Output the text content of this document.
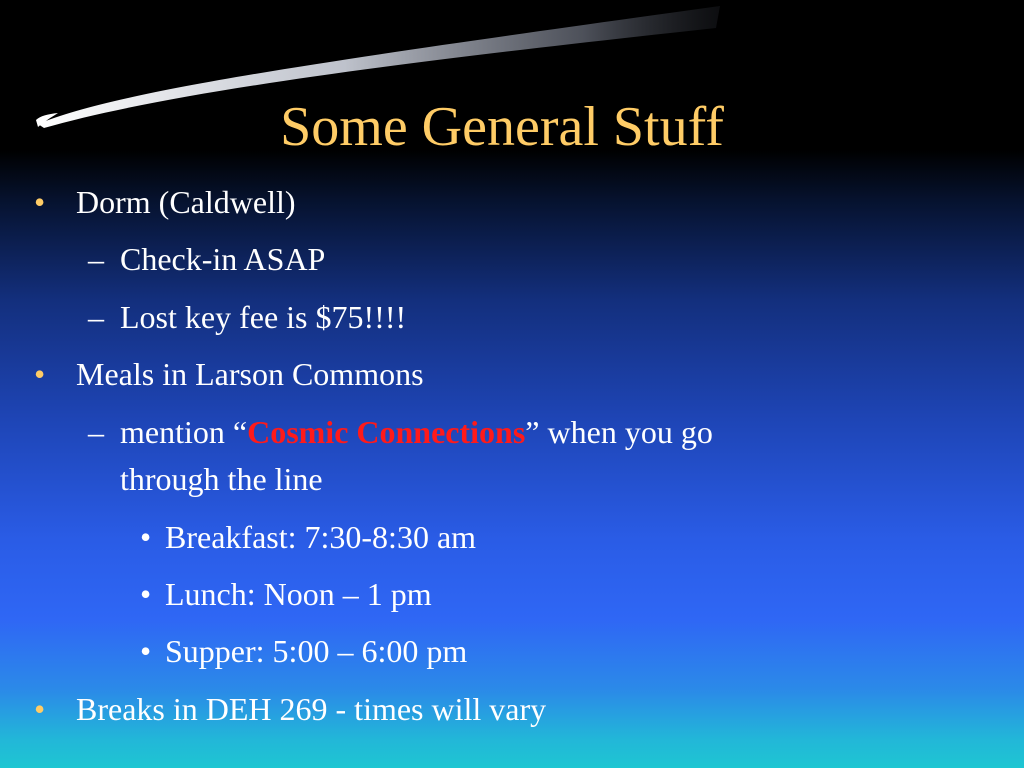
Some General Stuff
• Dorm (Caldwell)
– Check-in ASAP
– Lost key fee is $75!!!!
• Meals in Larson Commons
– mention “Cosmic Connections” when you go
through the line
• Breakfast: 7:30-8:30 am
• Lunch: Noon – 1 pm
• Supper: 5:00 – 6:00 pm
• Breaks in DEH 269 - times will vary
